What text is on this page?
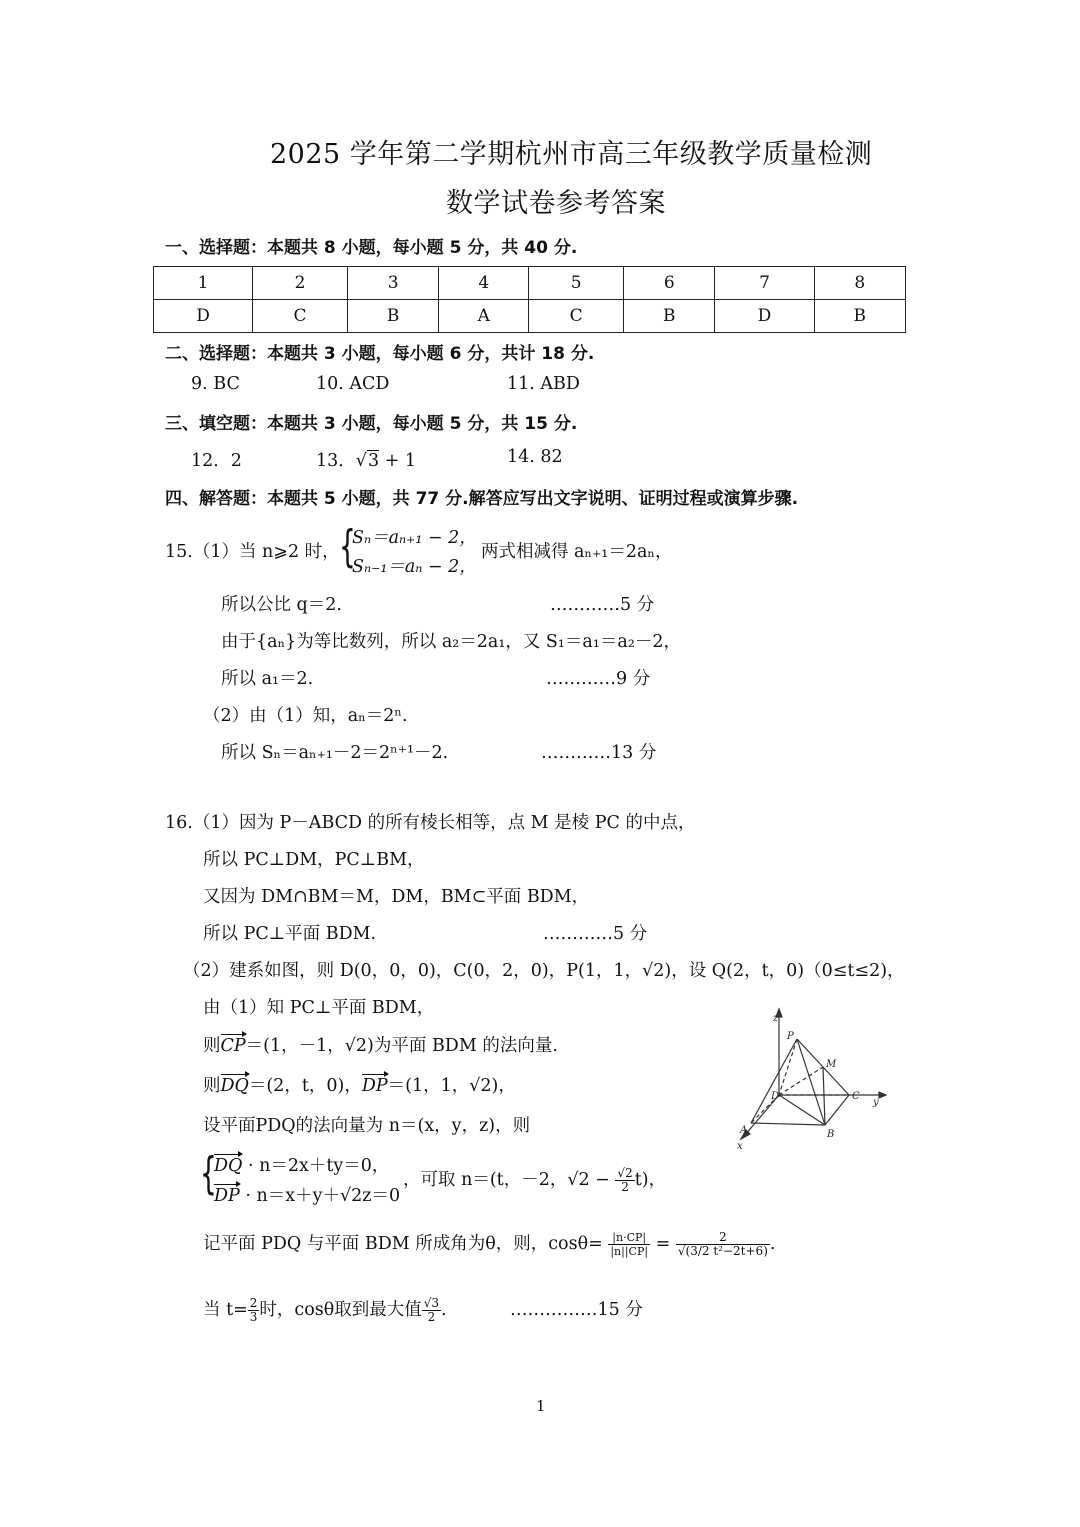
2025 学年第二学期杭州市高三年级教学质量检测
数学试卷参考答案
一、选择题：本题共 8 小题，每小题 5 分，共 40 分.
1	2	3	4	5	6	7	8
D	C	B	A	C	B	D	B
二、选择题：本题共 3 小题，每小题 6 分，共计 18 分.
9. BC	10. ACD	11. ABD
三、填空题：本题共 3 小题，每小题 5 分，共 15 分.
12．2	13．√3 + 1	14. 82
四、解答题：本题共 5 小题，共 77 分.解答应写出文字说明、证明过程或演算步骤.
15.（1）当 n⩾2 时， {
Sₙ＝aₙ₊₁ − 2，
Sₙ₋₁＝aₙ − 2，
两式相减得 aₙ₊₁＝2aₙ，
所以公比 q＝2.	…………5 分
由于{aₙ}为等比数列，所以 a₂＝2a₁，又 S₁＝a₁＝a₂－2，
所以 a₁＝2.	…………9 分
（2）由（1）知，aₙ＝2ⁿ.
所以 Sₙ＝aₙ₊₁－2＝2ⁿ⁺¹－2.	…………13 分
16.（1）因为 P－ABCD 的所有棱长相等，点 M 是棱 PC 的中点，
所以 PC⊥DM，PC⊥BM，
又因为 DM∩BM＝M，DM，BM⊂平面 BDM，
所以 PC⊥平面 BDM.	…………5 分
（2）建系如图，则 D(0，0，0)，C(0，2，0)，P(1，1，√2)，设 Q(2，t，0)（0≤t≤2)，
由（1）知 PC⊥平面 BDM，
则CP＝(1，－1，√2)为平面 BDM 的法向量.
则DQ＝(2，t，0)，DP＝(1，1，√2)，
设平面PDQ的法向量为 n＝(x，y，z)，则
{
DQ · n＝2x＋ty＝0，
DP · n＝x＋y＋√2z＝0
，可取 n＝(t，－2，$√2 - \frac{√2}{2} t$)，
记平面 PDQ 与平面 BDM 所成角为θ，则，$\cos\theta= \frac{|n\cdot CP|}{|n||CP|} = \frac{2}{\text{√(3/2 t²−2t+6)}}$ .
当 $t= \frac{2}{3}$ 时，cosθ取到最大值 $\frac{√3}{2}$ .	……………15 分
z
P
M
C
y
D
B
A
x
1
